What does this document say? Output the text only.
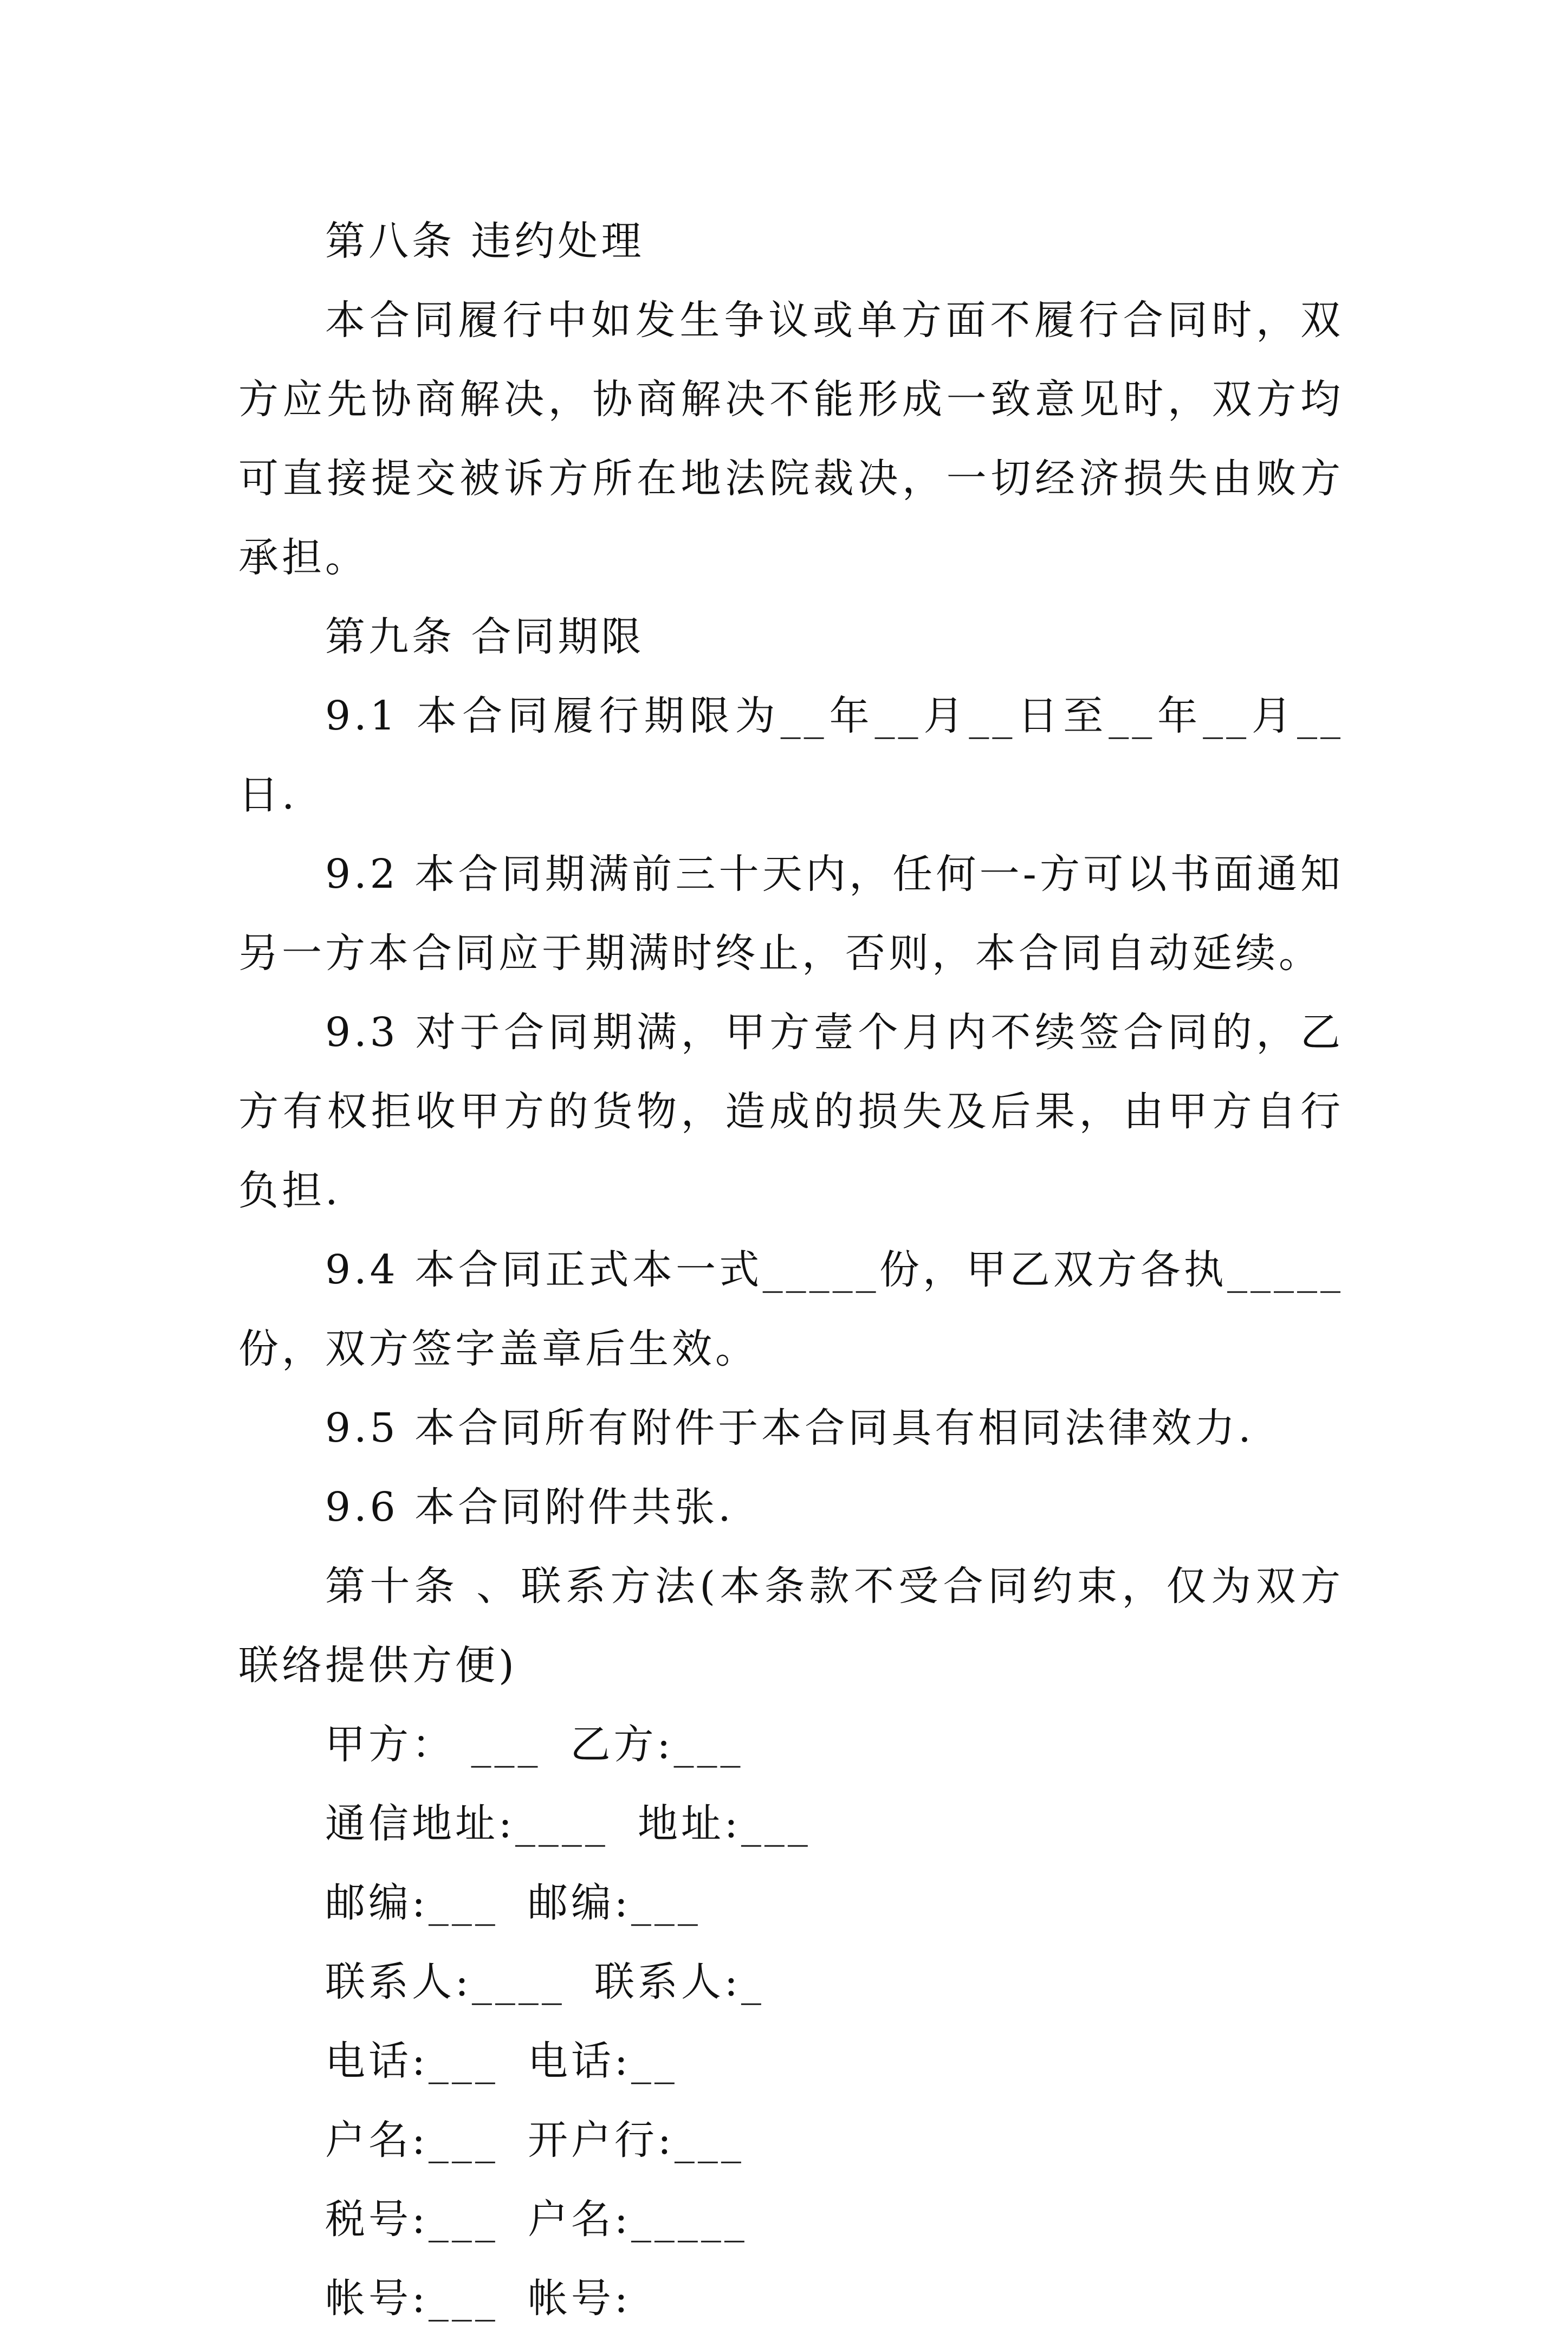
第八条 违约处理

本合同履行中如发生争议或单方面不履行合同时，双方应先协商解决，协商解决不能形成一致意见时，双方均可直接提交被诉方所在地法院裁决，一切经济损失由败方承担。

第九条 合同期限

9.1 本合同履行期限为__年__月__日至__年__月__日.

9.2 本合同期满前三十天内，任何一-方可以书面通知另一方本合同应于期满时终止，否则，本合同自动延续。

9.3 对于合同期满，甲方壹个月内不续签合同的，乙方有权拒收甲方的货物，造成的损失及后果，由甲方自行负担.

9.4 本合同正式本一式_____份，甲乙双方各执_____份，双方签字盖章后生效。

9.5 本合同所有附件于本合同具有相同法律效力.

9.6 本合同附件共张.

第十条 、联系方法(本条款不受合同约束，仅为双方联络提供方便)

甲方： ___ 乙方:___
通信地址:____ 地址:___
邮编:___ 邮编:___
联系人:____ 联系人:_
电话:___ 电话:__
户名:___ 开户行:___
税号:___ 户名:_____
帐号:___ 帐号:
